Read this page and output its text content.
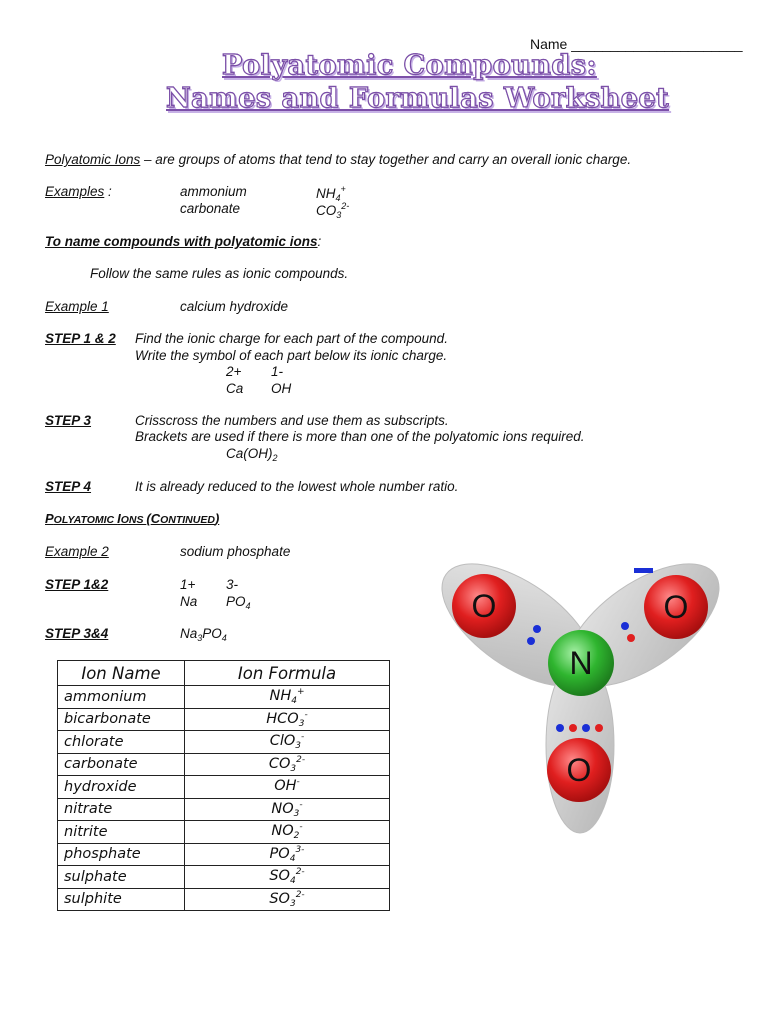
Name ______________________
Polyatomic Compounds:
Names and Formulas Worksheet
Polyatomic Ions – are groups of atoms that tend to stay together and carry an overall ionic charge.
Examples :	ammonium	$NH_4^+$
carbonate	$CO_3^{2-}$
To name compounds with polyatomic ions:
Follow the same rules as ionic compounds.
Example 1	calcium hydroxide
STEP 1 & 2 Find the ionic charge for each part of the compound.
Write the symbol of each part below its ionic charge.
2+ 1-
Ca OH
STEP 3	Crisscross the numbers and use them as subscripts.
Brackets are used if there is more than one of the polyatomic ions required.
$Ca(OH)_2$
STEP 4	It is already reduced to the lowest whole number ratio.
POLYATOMIC IONS (CONTINUED)
Example 2	sodium phosphate
STEP 1&2	1+ 3-
Na $PO_4$
STEP 3&4	$Na_3PO_4$
Ion Name	Ion Formula
ammonium	$NH_4^+$
bicarbonate	$HCO_3^-$
chlorate	ClO$_3$-
carbonate	$CO_3^{2-}$
hydroxide	OH-
nitrate	$NO_3^-$
nitrite	$NO_2^-$
phosphate	$PO_4^{3-}$
sulphate	$SO_4^{2-}$
sulphite	$SO_3^{2-}$
O	O
N
O
